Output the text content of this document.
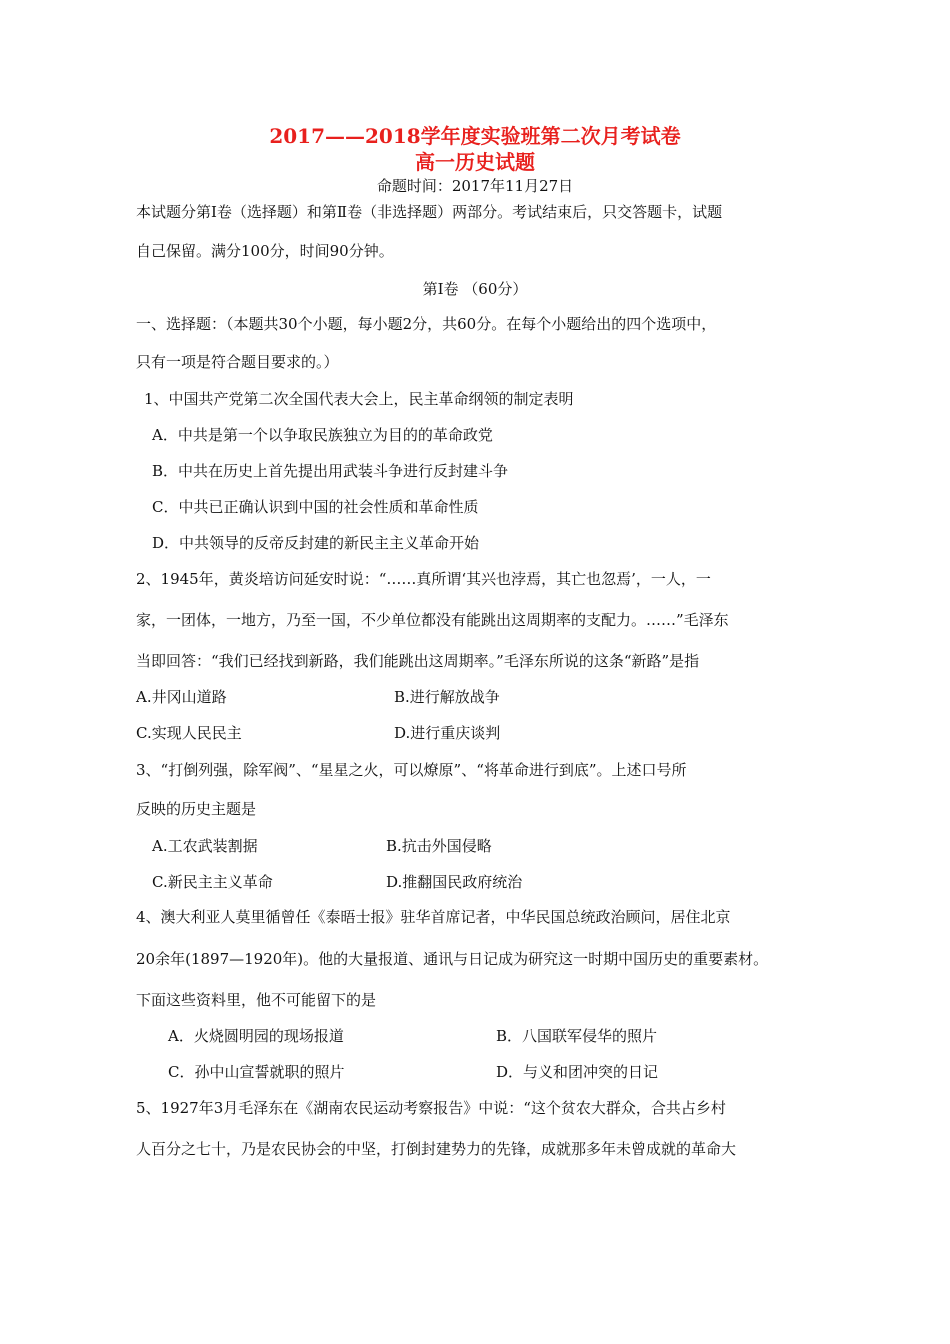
2017——2018学年度实验班第二次月考试卷
高一历史试题
命题时间：2017年11月27日
本试题分第Ⅰ卷（选择题）和第Ⅱ卷（非选择题）两部分。考试结束后，只交答题卡，试题
自己保留。满分100分，时间90分钟。
第Ⅰ卷 （60分）
一、选择题：（本题共30个小题，每小题2分，共60分。在每个小题给出的四个选项中，
只有一项是符合题目要求的。）
1、中国共产党第二次全国代表大会上，民主革命纲领的制定表明
A．中共是第一个以争取民族独立为目的的革命政党
B．中共在历史上首先提出用武装斗争进行反封建斗争
C．中共已正确认识到中国的社会性质和革命性质
D．中共领导的反帝反封建的新民主主义革命开始
2、1945年，黄炎培访问延安时说：“……真所谓‘其兴也浡焉，其亡也忽焉’，一人，一
家，一团体，一地方，乃至一国，不少单位都没有能跳出这周期率的支配力。……”毛泽东
当即回答：“我们已经找到新路，我们能跳出这周期率。”毛泽东所说的这条“新路”是指
A.井冈山道路	B.进行解放战争
C.实现人民民主	D.进行重庆谈判
3、“打倒列强，除军阀”、“星星之火，可以燎原”、“将革命进行到底”。上述口号所
反映的历史主题是
A.工农武装割据	B.抗击外国侵略
C.新民主主义革命	D.推翻国民政府统治
4、澳大利亚人莫里循曾任《泰晤士报》驻华首席记者，中华民国总统政治顾问，居住北京
20余年(1897—1920年)。他的大量报道、通讯与日记成为研究这一时期中国历史的重要素材。
下面这些资料里，他不可能留下的是
A．火烧圆明园的现场报道	B．八国联军侵华的照片
C．孙中山宣誓就职的照片	D．与义和团冲突的日记
5、1927年3月毛泽东在《湖南农民运动考察报告》中说：“这个贫农大群众，合共占乡村
人百分之七十，乃是农民协会的中坚，打倒封建势力的先锋，成就那多年未曾成就的革命大
